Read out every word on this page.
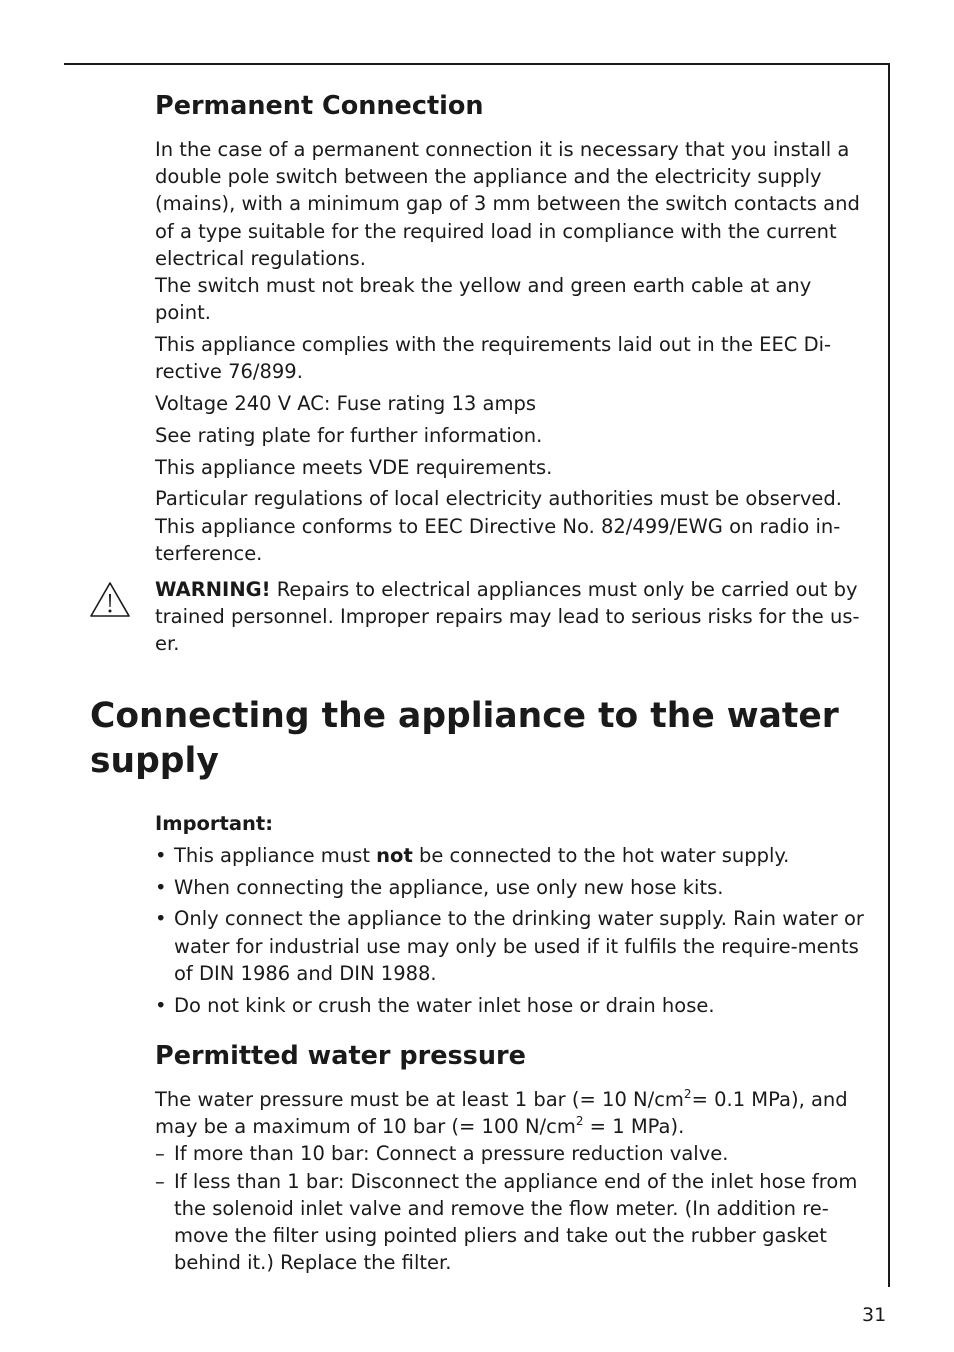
Permanent Connection

In the case of a permanent connection it is necessary that you install a double pole switch between the appliance and the electricity supply (mains), with a minimum gap of 3 mm between the switch contacts and of a type suitable for the required load in compliance with the current electrical regulations.

The switch must not break the yellow and green earth cable at any point.

This appliance complies with the requirements laid out in the EEC Di-rective 76/899.

Voltage 240 V AC: Fuse rating 13 amps

See rating plate for further information.

This appliance meets VDE requirements.

Particular regulations of local electricity authorities must be observed.

This appliance conforms to EEC Directive No. 82/499/EWG on radio in-terference.

WARNING! Repairs to electrical appliances must only be carried out by trained personnel. Improper repairs may lead to serious risks for the us-er.
Connecting the appliance to the water supply

Important:

• This appliance must not be connected to the hot water supply.
• When connecting the appliance, use only new hose kits.
• Only connect the appliance to the drinking water supply. Rain water or water for industrial use may only be used if it fulfils the require-ments of DIN 1986 and DIN 1988.
• Do not kink or crush the water inlet hose or drain hose.
Permitted water pressure

The water pressure must be at least 1 bar (= 10 $N/cm^2= 0.1$ MPa), and may be a maximum of 10 bar (= 100 $N/cm^2 = 1$ MPa).

– If more than 10 bar: Connect a pressure reduction valve.
– If less than 1 bar: Disconnect the appliance end of the inlet hose from the solenoid inlet valve and remove the flow meter. (In addition re-move the filter using pointed pliers and take out the rubber gasket behind it.) Replace the filter.
31
